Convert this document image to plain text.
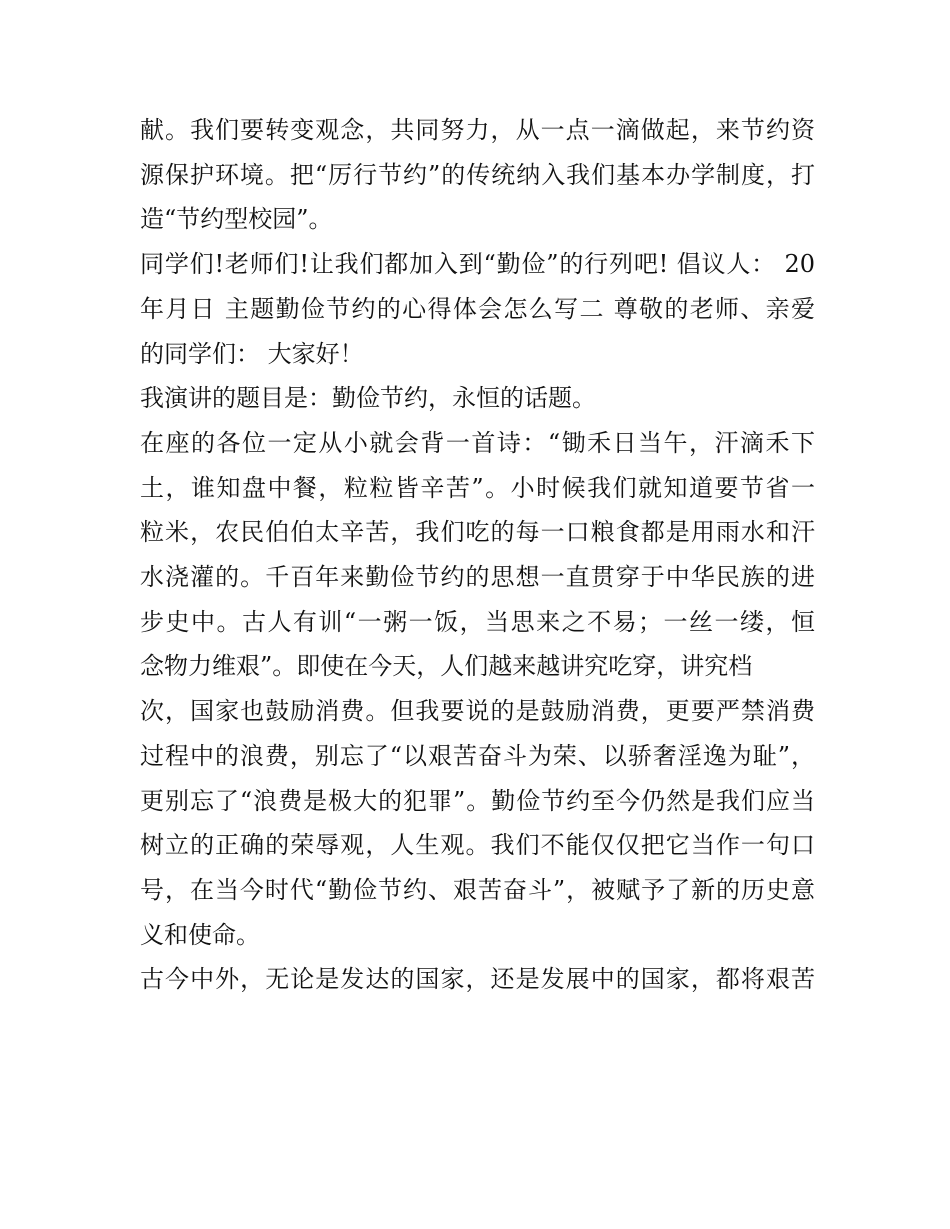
献。我们要转变观念，共同努力，从一点一滴做起，来节约资
源保护环境。把“厉行节约”的传统纳入我们基本办学制度，打
造“节约型校园”。

同学们!老师们!让我们都加入到“勤俭”的行列吧! 倡议人： 20
年月日 主题勤俭节约的心得体会怎么写二 尊敬的老师、亲爱
的同学们： 大家好！

我演讲的题目是：勤俭节约，永恒的话题。

在座的各位一定从小就会背一首诗：“锄禾日当午，汗滴禾下
土，谁知盘中餐，粒粒皆辛苦”。小时候我们就知道要节省一
粒米，农民伯伯太辛苦，我们吃的每一口粮食都是用雨水和汗
水浇灌的。千百年来勤俭节约的思想一直贯穿于中华民族的进
步史中。古人有训“一粥一饭，当思来之不易；一丝一缕，恒
念物力维艰”。即使在今天，人们越来越讲究吃穿，讲究档
次，国家也鼓励消费。但我要说的是鼓励消费，更要严禁消费
过程中的浪费，别忘了“以艰苦奋斗为荣、以骄奢淫逸为耻”，
更别忘了“浪费是极大的犯罪”。勤俭节约至今仍然是我们应当
树立的正确的荣辱观，人生观。我们不能仅仅把它当作一句口
号，在当今时代“勤俭节约、艰苦奋斗”，被赋予了新的历史意
义和使命。

古今中外，无论是发达的国家，还是发展中的国家，都将艰苦
